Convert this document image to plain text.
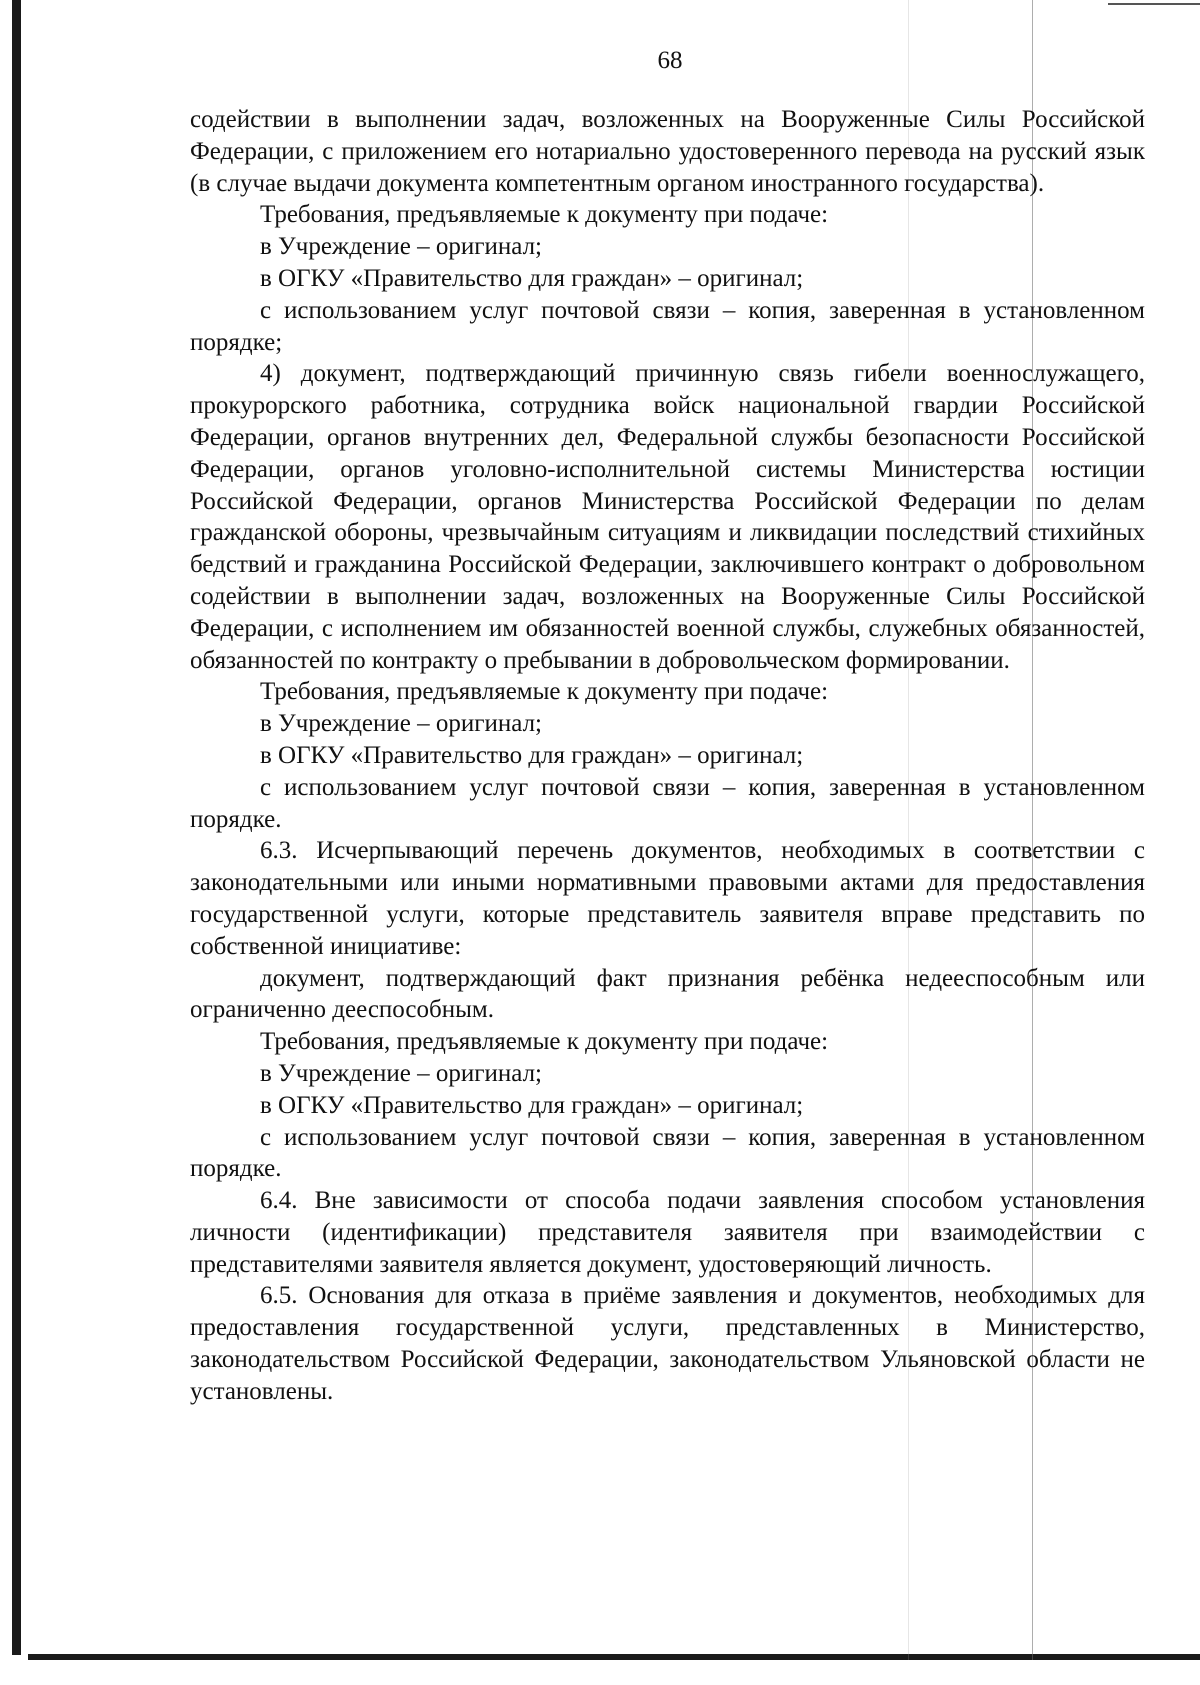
68

содействии в выполнении задач, возложенных на Вооруженные Силы Российской Федерации, с приложением его нотариально удостоверенного перевода на русский язык (в случае выдачи документа компетентным органом иностранного государства).

Требования, предъявляемые к документу при подаче:

в Учреждение – оригинал;

в ОГКУ «Правительство для граждан» – оригинал;

с использованием услуг почтовой связи – копия, заверенная в установленном порядке;

4) документ, подтверждающий причинную связь гибели военнослужащего, прокурорского работника, сотрудника войск национальной гвардии Российской Федерации, органов внутренних дел, Федеральной службы безопасности Российской Федерации, органов уголовно-исполнительной системы Министерства юстиции Российской Федерации, органов Министерства Российской Федерации по делам гражданской обороны, чрезвычайным ситуациям и ликвидации последствий стихийных бедствий и гражданина Российской Федерации, заключившего контракт о добровольном содействии в выполнении задач, возложенных на Вооруженные Силы Российской Федерации, с исполнением им обязанностей военной службы, служебных обязанностей, обязанностей по контракту о пребывании в добровольческом формировании.

Требования, предъявляемые к документу при подаче:

в Учреждение – оригинал;

в ОГКУ «Правительство для граждан» – оригинал;

с использованием услуг почтовой связи – копия, заверенная в установленном порядке.

6.3. Исчерпывающий перечень документов, необходимых в соответствии с законодательными или иными нормативными правовыми актами для предоставления государственной услуги, которые представитель заявителя вправе представить по собственной инициативе:

документ, подтверждающий факт признания ребёнка недееспособным или ограниченно дееспособным.

Требования, предъявляемые к документу при подаче:

в Учреждение – оригинал;

в ОГКУ «Правительство для граждан» – оригинал;

с использованием услуг почтовой связи – копия, заверенная в установленном порядке.

6.4. Вне зависимости от способа подачи заявления способом установления личности (идентификации) представителя заявителя при взаимодействии с представителями заявителя является документ, удостоверяющий личность.

6.5. Основания для отказа в приёме заявления и документов, необходимых для предоставления государственной услуги, представленных в Министерство, законодательством Российской Федерации, законодательством Ульяновской области не установлены.
